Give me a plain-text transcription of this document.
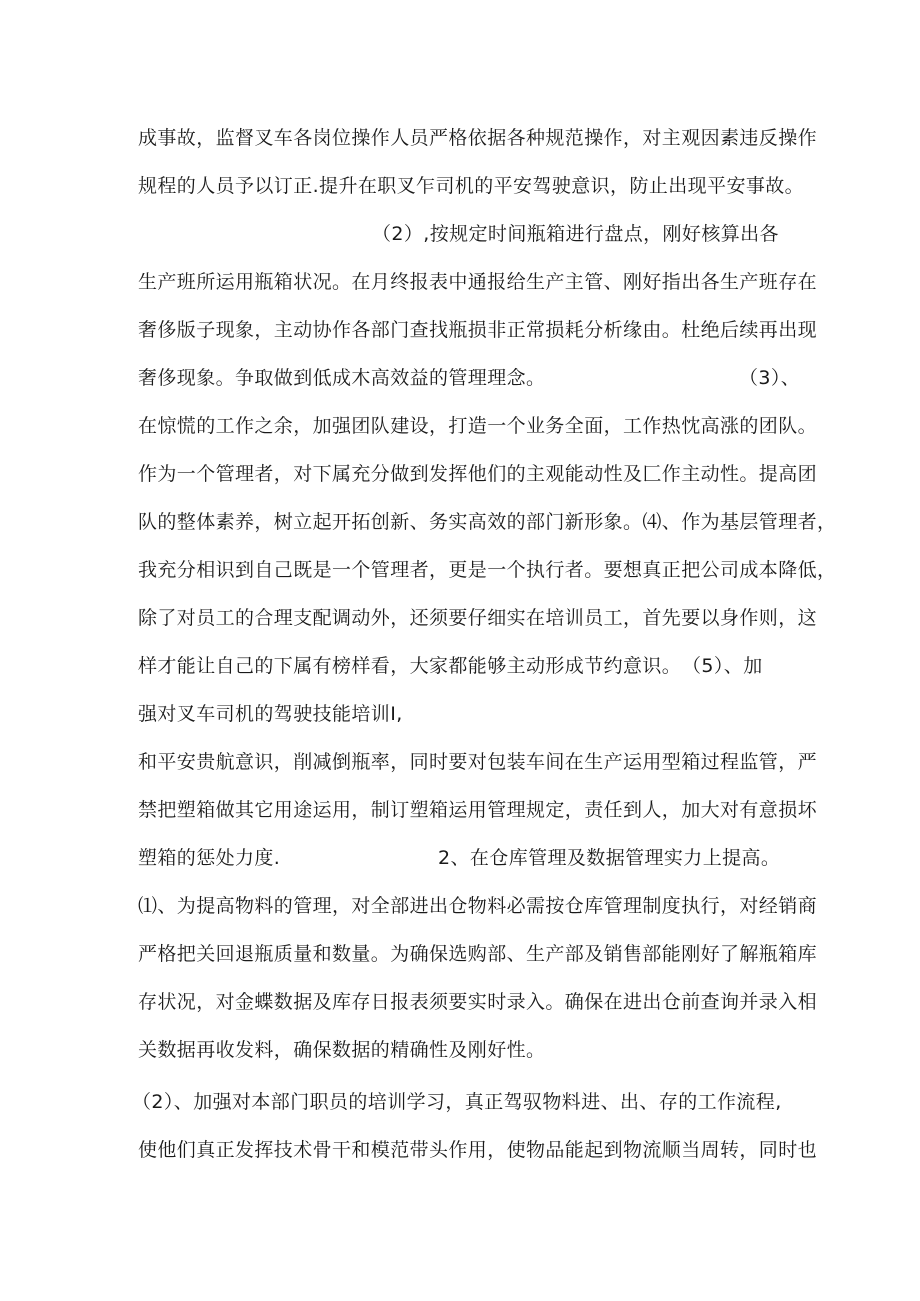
成事故，监督叉车各岗位操作人员严格依据各种规范操作，对主观因素违反操作
规程的人员予以订正.提升在职叉乍司机的平安驾驶意识，防止出现平安事故。
（2）,按规定时间瓶箱进行盘点，刚好核算出各
生产班所运用瓶箱状况。在月终报表中通报给生产主管、刚好指出各生产班存在
奢侈版子现象，主动协作各部门查找瓶损非正常损耗分析缘由。杜绝后续再出现
奢侈现象。争取做到低成木高效益的管理理念。	（3）、
在惊慌的工作之余，加强团队建设，打造一个业务全面，工作热忱高涨的团队。
作为一个管理者，对下属充分做到发挥他们的主观能动性及匚作主动性。提高团
队的整体素养，树立起开拓创新、务实高效的部门新形象。⑷、作为基层管理者，
我充分相识到自己既是一个管理者，更是一个执行者。要想真正把公司成本降低，
除了对员工的合理支配调动外，还须要仔细实在培训员工，首先要以身作则，这
样才能让自己的下属有榜样看，大家都能够主动形成节约意识。 （5）、加
强对叉车司机的驾驶技能培训I,
和平安贵航意识，削减倒瓶率，同时要对包装车间在生产运用型箱过程监管，严
禁把塑箱做其它用途运用，制订塑箱运用管理规定，责任到人，加大对有意损坏
塑箱的惩处力度.	2、在仓库管理及数据管理实力上提高。
⑴、为提高物料的管理，对全部进出仓物料必需按仓库管理制度执行，对经销商
严格把关回退瓶质量和数量。为确保选购部、生产部及销售部能刚好了解瓶箱库
存状况，对金蝶数据及库存日报表须要实时录入。确保在进出仓前查询并录入相
关数据再收发料，确保数据的精确性及刚好性。
（2）、加强对本部门职员的培训学习，真正驾驭物料进、出、存的工作流程,
使他们真正发挥技术骨干和模范带头作用，使物品能起到物流顺当周转，同时也
